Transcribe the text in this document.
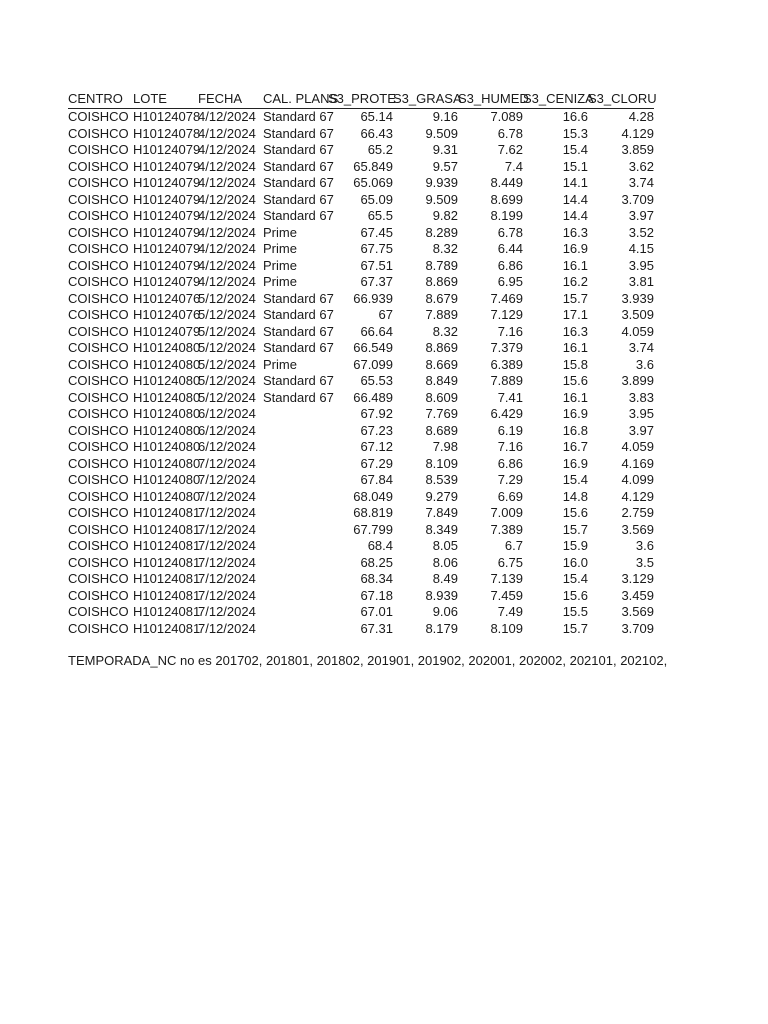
CENTRO	LOTE	FECHA	CAL. PLANS	S3_PROTE	S3_GRASA	S3_HUMED	S3_CENIZA	S3_CLORU
COISHCO	H10124078	4/12/2024	Standard 67	65.14	9.16	7.089	16.6	4.28
COISHCO	H10124078	4/12/2024	Standard 67	66.43	9.509	6.78	15.3	4.129
COISHCO	H10124079	4/12/2024	Standard 67	65.2	9.31	7.62	15.4	3.859
COISHCO	H10124079	4/12/2024	Standard 67	65.849	9.57	7.4	15.1	3.62
COISHCO	H10124079	4/12/2024	Standard 67	65.069	9.939	8.449	14.1	3.74
COISHCO	H10124079	4/12/2024	Standard 67	65.09	9.509	8.699	14.4	3.709
COISHCO	H10124079	4/12/2024	Standard 67	65.5	9.82	8.199	14.4	3.97
COISHCO	H10124079	4/12/2024	Prime	67.45	8.289	6.78	16.3	3.52
COISHCO	H10124079	4/12/2024	Prime	67.75	8.32	6.44	16.9	4.15
COISHCO	H10124079	4/12/2024	Prime	67.51	8.789	6.86	16.1	3.95
COISHCO	H10124079	4/12/2024	Prime	67.37	8.869	6.95	16.2	3.81
COISHCO	H10124076	5/12/2024	Standard 67	66.939	8.679	7.469	15.7	3.939
COISHCO	H10124076	5/12/2024	Standard 67	67	7.889	7.129	17.1	3.509
COISHCO	H10124079	5/12/2024	Standard 67	66.64	8.32	7.16	16.3	4.059
COISHCO	H10124080	5/12/2024	Standard 67	66.549	8.869	7.379	16.1	3.74
COISHCO	H10124080	5/12/2024	Prime	67.099	8.669	6.389	15.8	3.6
COISHCO	H10124080	5/12/2024	Standard 67	65.53	8.849	7.889	15.6	3.899
COISHCO	H10124080	5/12/2024	Standard 67	66.489	8.609	7.41	16.1	3.83
COISHCO	H10124080	6/12/2024		67.92	7.769	6.429	16.9	3.95
COISHCO	H10124080	6/12/2024		67.23	8.689	6.19	16.8	3.97
COISHCO	H10124080	6/12/2024		67.12	7.98	7.16	16.7	4.059
COISHCO	H10124080	7/12/2024		67.29	8.109	6.86	16.9	4.169
COISHCO	H10124080	7/12/2024		67.84	8.539	7.29	15.4	4.099
COISHCO	H10124080	7/12/2024		68.049	9.279	6.69	14.8	4.129
COISHCO	H10124081	7/12/2024		68.819	7.849	7.009	15.6	2.759
COISHCO	H10124081	7/12/2024		67.799	8.349	7.389	15.7	3.569
COISHCO	H10124081	7/12/2024		68.4	8.05	6.7	15.9	3.6
COISHCO	H10124081	7/12/2024		68.25	8.06	6.75	16.0	3.5
COISHCO	H10124081	7/12/2024		68.34	8.49	7.139	15.4	3.129
COISHCO	H10124081	7/12/2024		67.18	8.939	7.459	15.6	3.459
COISHCO	H10124081	7/12/2024		67.01	9.06	7.49	15.5	3.569
COISHCO	H10124081	7/12/2024		67.31	8.179	8.109	15.7	3.709
TEMPORADA_NC no es 201702, 201801, 201802, 201901, 201902, 202001, 202002, 202101, 202102,
